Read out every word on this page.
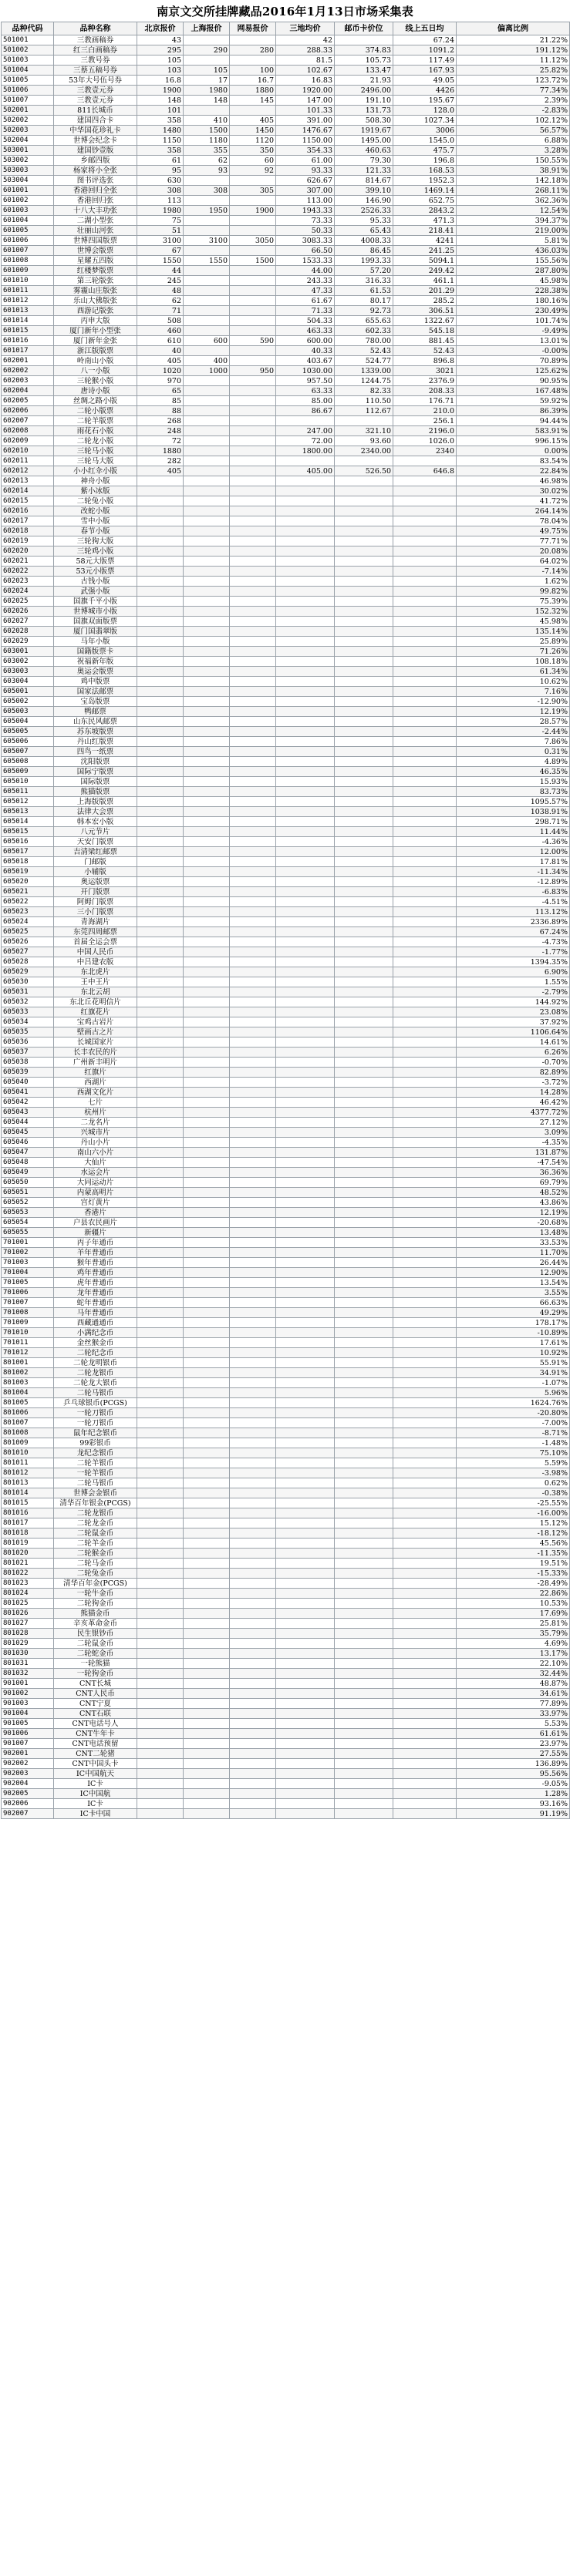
南京文交所挂牌藏品2016年1月13日市场采集表
品种代码	品种名称	北京报价	上海报价	网易报价	三地均价	邮币卡价位	线上五日均	偏离比例
501001	三教画稿券	43			42		67.24	21.22%
501002	红三白画稿券	295	290	280	288.33	374.83	1091.2	191.12%
501003	三教号券	105			81.5	105.73	117.49	11.12%
501004	三蔡五稿号券	103	105	100	102.67	133.47	167.93	25.82%
501005	53年大号伍号券	16.8	17	16.7	16.83	21.93	49.05	123.72%
501006	三教壹元券	1900	1980	1880	1920.00	2496.00	4426	77.34%
501007	三教壹元券	148	148	145	147.00	191.10	195.67	2.39%
502001	811长城币	101			101.33	131.73	128.0	-2.83%
502002	建国四合卡	358	410	405	391.00	508.30	1027.34	102.12%
502003	中华国花珍礼卡	1480	1500	1450	1476.67	1919.67	3006	56.57%
502004	世博会纪念卡	1150	1180	1120	1150.00	1495.00	1545.0	6.88%
503001	建国钞壹版	358	355	350	354.33	460.63	475.7	3.28%
503002	乡邮四版	61	62	60	61.00	79.30	196.8	150.55%
503003	杨家将小全张	95	93	92	93.33	121.33	168.53	38.91%
503004	图书评选张	630			626.67	814.67	1952.3	142.18%
601001	香港回归全张	308	308	305	307.00	399.10	1469.14	268.11%
601002	香港回归张	113			113.00	146.90	652.75	362.36%
601003	十八大丰功张	1980	1950	1900	1943.33	2526.33	2843.2	12.54%
601004	二湖小型张	75			73.33	95.33	471.3	394.37%
601005	壮丽山河张	51			50.33	65.43	218.41	219.00%
601006	世博四国版票	3100	3100	3050	3083.33	4008.33	4241	5.81%
601007	世博会版票	67			66.50	86.45	241.25	436.03%
601008	星耀五四版	1550	1550	1500	1533.33	1993.33	5094.1	155.56%
601009	红楼梦版票	44			44.00	57.20	249.42	287.80%
601010	第三轮版张	245			243.33	316.33	461.1	45.98%
601011	雾霾山庄版张	48			47.33	61.53	201.29	228.38%
601012	乐山大佛版张	62			61.67	80.17	285.2	180.16%
601013	西游记版张	71			71.33	92.73	306.51	230.49%
601014	丙申大版	508			504.33	655.63	1322.67	101.74%
601015	厦门新年小型张	460			463.33	602.33	545.18	-9.49%
601016	厦门新年金张	610	600	590	600.00	780.00	881.45	13.01%
601017	浙江版版票	40			40.33	52.43	52.43	-0.00%
602001	岭南山小版	405	400		403.67	524.77	896.8	70.89%
602002	八一小版	1020	1000	950	1030.00	1339.00	3021	125.62%
602003	三轮猴小版	970			957.50	1244.75	2376.9	90.95%
602004	唐诗小版	65			63.33	82.33	208.33	167.48%
602005	丝绸之路小版	85			85.00	110.50	176.71	59.92%
602006	二轮小版票	88			86.67	112.67	210.0	86.39%
602007	二轮羊版票	268					256.1	94.44%
602008	雨花石小版	248			247.00	321.10	2196.0	583.91%
602009	二轮龙小版	72			72.00	93.60	1026.0	996.15%
602010	三轮马小版	1880			1800.00	2340.00	2340	0.00%
602011	三轮马大版	282						83.54%
602012	小小红伞小版	405			405.00	526.50	646.8	22.84%
602013	神舟小版							46.98%
602014	紫小冰版							30.02%
602015	二轮兔小版							41.72%
602016	改蛇小版							264.14%
602017	雪中小版							78.04%
602018	春节小版							49.75%
602019	三轮狗大版							77.71%
602020	三轮鸡小版							20.08%
602021	58元大版票							64.02%
602022	53元小版票							-7.14%
602023	古钱小版							1.62%
602024	武强小版							99.82%
602025	国旗千平小版							75.39%
602026	世博城市小版							152.32%
602027	国旗双面版票							45.98%
602028	厦门国翡翠版							135.14%
602029	马年小版							25.89%
603001	国籍版票卡							71.26%
603002	祝福新年版							108.18%
603003	奥运会版票							61.34%
603004	鸡中版票							10.62%
605001	国家法邮票							7.16%
605002	宝岛版票							-12.90%
605003	鸭邮票							12.19%
605004	山东民风邮票							28.57%
605005	苏东坡版票							-2.44%
605006	丹山红版票							7.86%
605007	四鸟一纸票							0.31%
605008	沈阳版票							4.89%
605009	国际宁版票							46.35%
605010	国际版票							15.93%
605011	熊猫版票							83.73%
605012	上海版版票							1095.57%
605013	法律大会票							1038.91%
605014	韩本宏小版							298.71%
605015	八元节片							11.44%
605016	天安门版票							-4.36%
605017	吉清梁红邮票							12.00%
605018	门邮版							17.81%
605019	小辅版							-11.34%
605020	奥运版票							-12.89%
605021	开门版票							-6.83%
605022	阿姆门版票							-4.51%
605023	三小门版票							113.12%
605024	青海湖片							2336.89%
605025	东莞四周邮票							67.24%
605026	首届全运会票							-4.73%
605027	中国人民币							-1.77%
605028	中吕建农版							1394.35%
605029	东北虎片							6.90%
605030	王中王片							1.55%
605031	东北云胡							-2.79%
605032	东北丘花明信片							144.92%
605033	红旗花片							23.08%
605034	宝鸡古岩片							37.92%
605035	壁画古之片							1106.64%
605036	长城国家片							14.61%
605037	长丰农民的片							6.26%
605038	广州新丰明片							-0.70%
605039	红旗片							82.89%
605040	西湖片							-3.72%
605041	西湖文化片							14.28%
605042	七片							46.42%
605043	杭州片							4377.72%
605044	二龙名片							27.12%
605045	兴城市片							3.09%
605046	丹山小片							-4.35%
605047	南山六小片							131.87%
605048	大仙片							-47.54%
605049	水运会片							36.36%
605050	大同运动片							69.79%
605051	内蒙高明片							48.52%
605052	宫灯黄片							43.86%
605053	香港片							12.19%
605054	户县农民画片							-20.68%
605055	新疆片							13.48%
701001	丙子年通币							33.53%
701002	羊年普通币							11.70%
701003	猴年普通币							26.44%
701004	鸡年普通币							12.90%
701005	虎年普通币							13.54%
701006	龙年普通币							3.55%
701007	蛇年普通币							66.63%
701008	马年普通币							49.29%
701009	西藏通通币							178.17%
701010	小满纪念币							-10.89%
701011	金丝猴金币							17.61%
701012	二轮纪念币							10.92%
801001	二轮龙明银币							55.91%
801002	二轮龙银币							34.91%
801003	二轮龙大银币							-1.07%
801004	二轮马银币							5.96%
801005	乒乓球银币(PCGS)							1624.76%
801006	一轮刀银币							-20.80%
801007	一轮刀银币							-7.00%
801008	鼠年纪念银币							-8.71%
801009	99彩银币							-1.48%
801010	龙纪念银币							75.10%
801011	二轮羊银币							5.59%
801012	一轮羊银币							-3.98%
801013	二轮马银币							0.62%
801014	世博会金银币							-0.38%
801015	清华百年银金(PCGS)							-25.55%
801016	二轮龙银币							-16.00%
801017	二轮龙金币							15.12%
801018	二轮鼠金币							-18.12%
801019	二轮羊金币							45.56%
801020	二轮猴金币							-11.35%
801021	二轮马金币							19.51%
801022	二轮兔金币							-15.33%
801023	清华百年金(PCGS)							-28.49%
801024	一轮牛金币							22.86%
801025	二轮狗金币							10.53%
801026	熊猫金币							17.69%
801027	辛亥革命金币							25.81%
801028	民生银钞币							35.79%
801029	二轮鼠金币							4.69%
801030	二轮蛇金币							13.17%
801031	一轮熊猫							22.10%
801032	一轮狗金币							32.44%
901001	CNT长城							48.87%
901002	CNT人民币							34.61%
901003	CNT宁夏							77.89%
901004	CNT石联							33.97%
901005	CNT电话号人							5.53%
901006	CNT牛年卡							61.61%
901007	CNT电话预留							23.97%
902001	CNT二轮猪							27.55%
902002	CNT中国头卡							136.89%
902003	IC中国航天							95.56%
902004	IC卡							-9.05%
902005	IC中国航							1.28%
902006	IC卡							93.16%
902007	IC卡中国							91.19%
